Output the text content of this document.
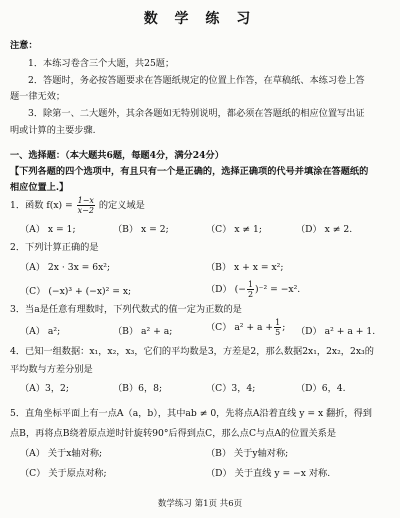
数 学 练 习
注意：
1．本练习卷含三个大题，共25题；
2．答题时，务必按答题要求在答题纸规定的位置上作答，在草稿纸、本练习卷上答
题一律无效；
3．除第一、二大题外，其余各题如无特别说明，都必须在答题纸的相应位置写出证
明或计算的主要步骤.
一、选择题：（本大题共6题，每题4分，满分24分）
【下列各题的四个选项中，有且只有一个是正确的，选择正确项的代号并填涂在答题纸的
相应位置上.】
1．函数 $f(x) = \frac{1-x}{x-2}$ 的定义域是
（A） x = 1;	（B） x = 2;	（C） x ≠ 1;	（D） x ≠ 2.
2．下列计算正确的是
（A） 2x · 3x = 6x²;	（B） x + x = x²;
（C） (−x)³ + (−x)² = x;	（D） (− $\frac{1}{2} )^{-2} = -x^2$.
3．当a是任意有理数时，下列代数式的值一定为正数的是
（A） a²;	（B） a² + a;	（C） $a^2 + a + \frac{1}{5}$ ; （D） a² + a + 1.
4．已知一组数据：x₁，x₂，x₃，它们的平均数是3，方差是2，那么数据2x₁，2x₂，2x₃的
平均数与方差分别是
（A）3，2;	（B）6，8;	（C）3，4;	（D）6，4.
5．直角坐标平面上有一点A（a，b），其中ab ≠ 0，先将点A沿着直线 y = x 翻折，得到
点B，再将点B绕着原点逆时针旋转90°后得到点C，那么点C与点A的位置关系是
（A） 关于x轴对称;	（B） 关于y轴对称;
（C） 关于原点对称;	（D） 关于直线 y = −x 对称.
数学练习 第1页 共6页
